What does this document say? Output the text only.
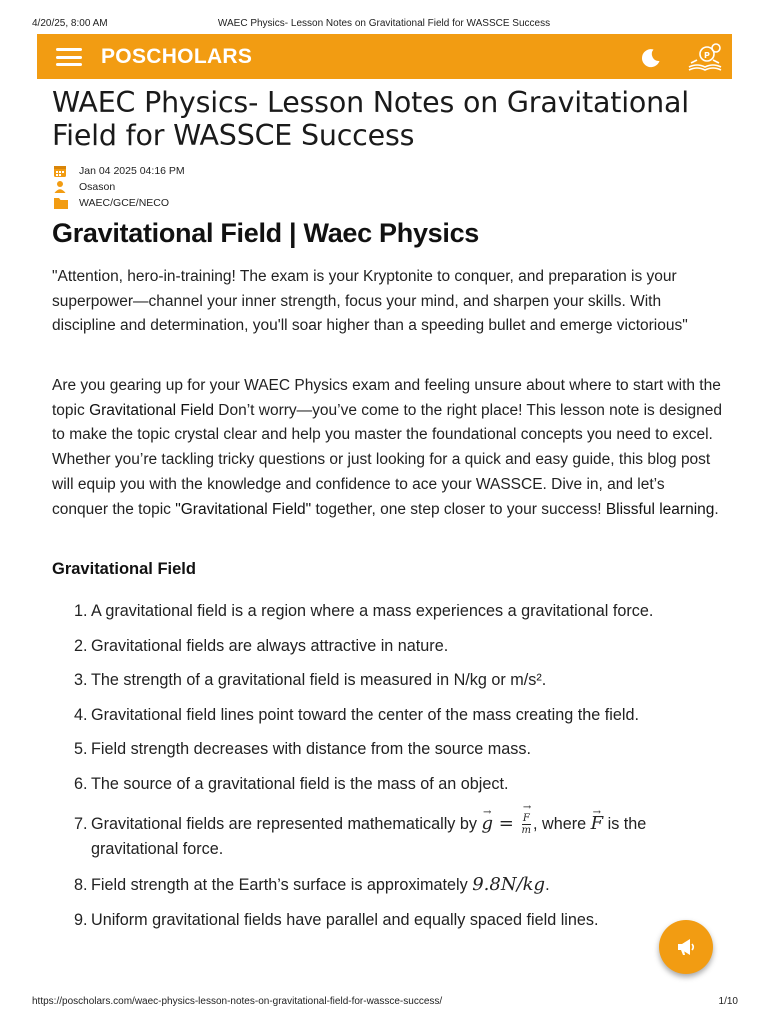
4/20/25, 8:00 AM	WAEC Physics- Lesson Notes on Gravitational Field for WASSCE Success
POSCHOLARS	P
WAEC Physics- Lesson Notes on Gravitational Field for WASSCE Success
Jan 04 2025 04:16 PM
Osason
WAEC/GCE/NECO
Gravitational Field | Waec Physics

"Attention, hero-in-training! The exam is your Kryptonite to conquer, and preparation is your superpower—channel your inner strength, focus your mind, and sharpen your skills. With discipline and determination, you'll soar higher than a speeding bullet and emerge victorious"

Are you gearing up for your WAEC Physics exam and feeling unsure about where to start with the topic Gravitational Field Don’t worry—you’ve come to the right place! This lesson note is designed to make the topic crystal clear and help you master the foundational concepts you need to excel. Whether you’re tackling tricky questions or just looking for a quick and easy guide, this blog post will equip you with the knowledge and confidence to ace your WASSCE. Dive in, and let’s conquer the topic "Gravitational Field" together, one step closer to your success! Blissful learning.

Gravitational Field
1. A gravitational field is a region where a mass experiences a gravitational force.
2. Gravitational fields are always attractive in nature.
3. The strength of a gravitational field is measured in N/kg or m/s².
4. Gravitational field lines point toward the center of the mass creating the field.
5. Field strength decreases with distance from the source mass.
6. The source of a gravitational field is the mass of an object.
7. Gravitational fields are represented mathematically by → g =
→ $\frac{F}{m}$ , where → F is the
gravitational force.
8. Field strength at the Earth’s surface is approximately 9.8N/kg.
9. Uniform gravitational fields have parallel and equally spaced field lines.
https://poscholars.com/waec-physics-lesson-notes-on-gravitational-field-for-wassce-success/	1/10
